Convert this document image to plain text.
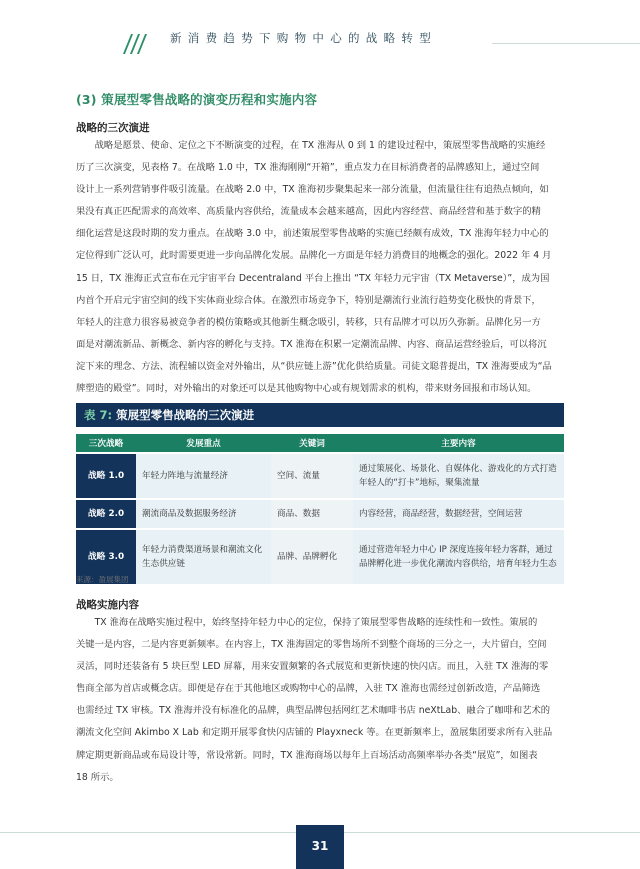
新消费趋势下购物中心的战略转型
(3) 策展型零售战略的演变历程和实施内容
战略的三次演进
　　战略是愿景、使命、定位之下不断演变的过程，在 TX 淮海从 0 到 1 的建设过程中，策展型零售战略的实施经
历了三次演变，见表格 7。在战略 1.0 中，TX 淮海刚刚“开箱”，重点发力在目标消费者的品牌感知上，通过空间
设计上一系列营销事件吸引流量。在战略 2.0 中，TX 淮海初步聚集起来一部分流量，但流量往往有追热点倾向，如
果没有真正匹配需求的高效率、高质量内容供给，流量成本会越来越高，因此内容经营、商品经营和基于数字的精
细化运营是这段时期的发力重点。在战略 3.0 中，前述策展型零售战略的实施已经颇有成效，TX 淮海年轻力中心的
定位得到广泛认可，此时需要更进一步向品牌化发展。品牌化一方面是年轻力消费目的地概念的强化。2022 年 4 月
15 日，TX 淮海正式宣布在元宇宙平台 Decentraland 平台上推出 “TX 年轻力元宇宙（TX Metaverse）”，成为国
内首个开启元宇宙空间的线下实体商业综合体。在激烈市场竞争下，特别是潮流行业流行趋势变化极快的背景下，
年轻人的注意力很容易被竞争者的模仿策略或其他新生概念吸引，转移，只有品牌才可以历久弥新。品牌化另一方
面是对潮流新品、新概念、新内容的孵化与支持。TX 淮海在积累一定潮流品牌、内容、商品运营经验后，可以将沉
淀下来的理念、方法、流程辅以资金对外输出，从“供应链上游”优化供给质量。司徒文聪普提出，TX 淮海要成为“品
牌塑造的殿堂”。同时，对外输出的对象还可以是其他购物中心或有规划需求的机构，带来财务回报和市场认知。
表 7: 策展型零售战略的三次演进
三次战略	发展重点	关键词	主要内容
战略 1.0	年轻力阵地与流量经济	空间、流量	通过策展化、场景化、自媒体化、游戏化的方式打造年轻人的“打卡”地标，聚集流量
战略 2.0	潮流商品及数据服务经济	商品、数据	内容经营，商品经营，数据经营，空间运营
战略 3.0	年轻力消费渠道场景和潮流文化生态供应链	品牌、品牌孵化	通过营造年轻力中心 IP 深度连接年轻力客群，通过品牌孵化进一步优化潮流内容供给，培育年轻力生态
来源：盈展集团
战略实施内容
　　TX 淮海在战略实施过程中，始终坚持年轻力中心的定位，保持了策展型零售战略的连续性和一致性。策展的
关键一是内容，二是内容更新频率。在内容上，TX 淮海固定的零售场所不到整个商场的三分之一，大片留白，空间
灵活，同时还装备有 5 块巨型 LED 屏幕，用来安置频繁的各式展览和更新快速的快闪店。而且，入驻 TX 淮海的零
售商全部为首店或概念店。即便是存在于其他地区或购物中心的品牌，入驻 TX 淮海也需经过创新改造，产品筛选
也需经过 TX 审核。TX 淮海并没有标准化的品牌，典型品牌包括网红艺术咖啡书店 neXtLab、融合了咖啡和艺术的
潮流文化空间 Akimbo X Lab 和定期开展零食快闪店铺的 Playxneck 等。在更新频率上，盈展集团要求所有入驻品
牌定期更新商品或布局设计等，常设常新。同时，TX 淮海商场以每年上百场活动高频率举办各类“展览”，如图表
18 所示。
31
